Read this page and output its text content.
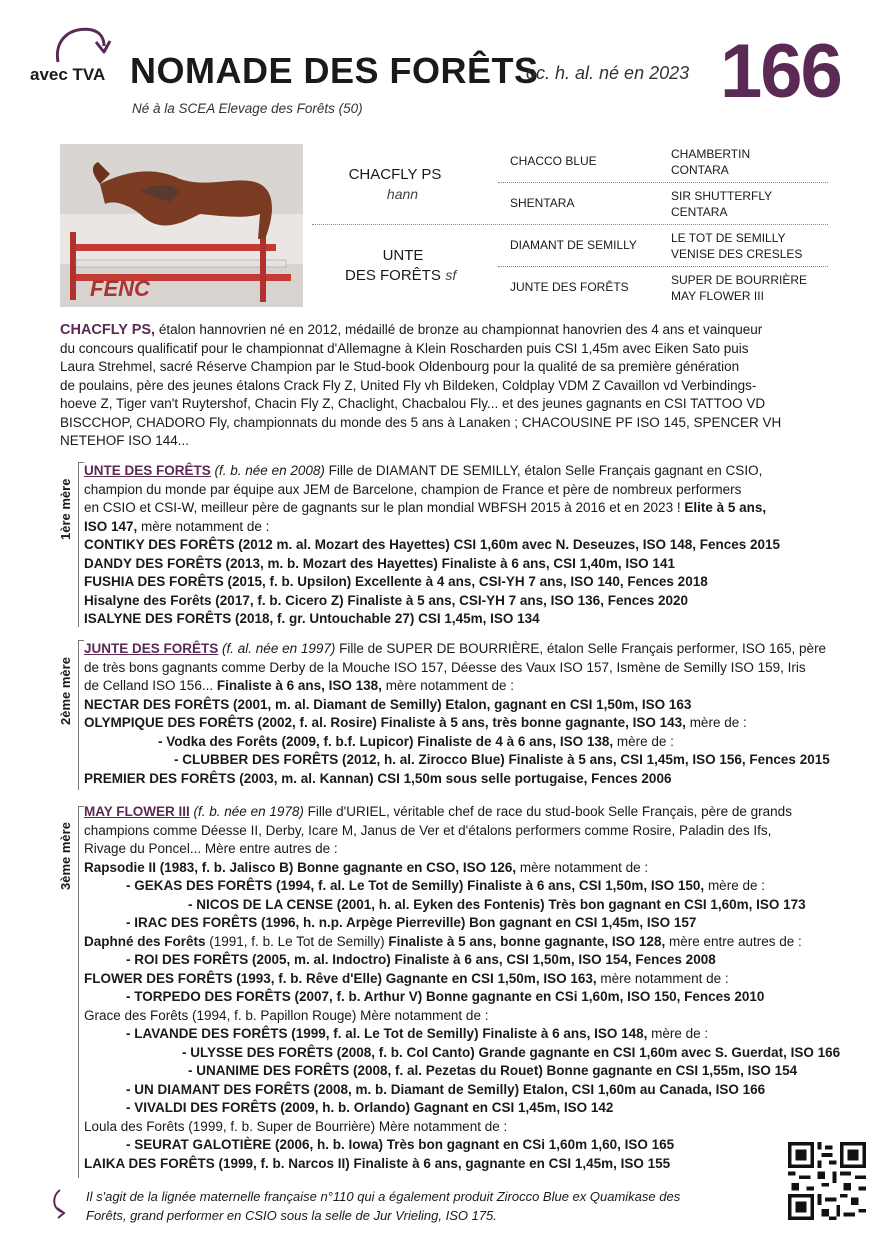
avec TVA NOMADE DES FORÊTS
oc. h. al. né en 2023 166
Né à la SCEA Elevage des Forêts (50)
FENC
CHACFLY PS
hann
UNTE
DES FORÊTS sf
CHACCO BLUE
SHENTARA
DIAMANT DE SEMILLY
JUNTE DES FORÊTS
CHAMBERTIN
CONTARA
SIR SHUTTERFLY
CENTARA
LE TOT DE SEMILLY
VENISE DES CRESLES
SUPER DE BOURRIÈRE
MAY FLOWER III
CHACFLY PS, étalon hannovrien né en 2012, médaillé de bronze au championnat hanovrien des 4 ans et vainqueur
du concours qualificatif pour le championnat d'Allemagne à Klein Roscharden puis CSI 1,45m avec Eiken Sato puis
Laura Strehmel, sacré Réserve Champion par le Stud-book Oldenbourg pour la qualité de sa première génération
de poulains, père des jeunes étalons Crack Fly Z, United Fly vh Bildeken, Coldplay VDM Z Cavaillon vd Verbindings-
hoeve Z, Tiger van't Ruytershof, Chacin Fly Z, Chaclight, Chacbalou Fly... et des jeunes gagnants en CSI TATTOO VD
BISCCHOP, CHADORO Fly, championnats du monde des 5 ans à Lanaken ; CHACOUSINE PF ISO 145, SPENCER VH
NETEHOF ISO 144...
1ère mère
UNTE DES FORÊTS (f. b. née en 2008) Fille de DIAMANT DE SEMILLY, étalon Selle Français gagnant en CSIO,
champion du monde par équipe aux JEM de Barcelone, champion de France et père de nombreux performers
en CSIO et CSI-W, meilleur père de gagnants sur le plan mondial WBFSH 2015 à 2016 et en 2023 ! Elite à 5 ans,
ISO 147, mère notamment de :
CONTIKY DES FORÊTS (2012 m. al. Mozart des Hayettes) CSI 1,60m avec N. Deseuzes, ISO 148, Fences 2015
DANDY DES FORÊTS (2013, m. b. Mozart des Hayettes) Finaliste à 6 ans, CSI 1,40m, ISO 141
FUSHIA DES FORÊTS (2015, f. b. Upsilon) Excellente à 4 ans, CSI-YH 7 ans, ISO 140, Fences 2018
Hisalyne des Forêts (2017, f. b. Cicero Z) Finaliste à 5 ans, CSI-YH 7 ans, ISO 136, Fences 2020
ISALYNE DES FORÊTS (2018, f. gr. Untouchable 27) CSI 1,45m, ISO 134
2ème mère
JUNTE DES FORÊTS (f. al. née en 1997) Fille de SUPER DE BOURRIÈRE, étalon Selle Français performer, ISO 165, père
de très bons gagnants comme Derby de la Mouche ISO 157, Déesse des Vaux ISO 157, Ismène de Semilly ISO 159, Iris
de Celland ISO 156... Finaliste à 6 ans, ISO 138, mère notamment de :
NECTAR DES FORÊTS (2001, m. al. Diamant de Semilly) Etalon, gagnant en CSI 1,50m, ISO 163
OLYMPIQUE DES FORÊTS (2002, f. al. Rosire) Finaliste à 5 ans, très bonne gagnante, ISO 143, mère de :
- Vodka des Forêts (2009, f. b.f. Lupicor) Finaliste de 4 à 6 ans, ISO 138, mère de :
- CLUBBER DES FORÊTS (2012, h. al. Zirocco Blue) Finaliste à 5 ans, CSI 1,45m, ISO 156, Fences 2015
PREMIER DES FORÊTS (2003, m. al. Kannan) CSI 1,50m sous selle portugaise, Fences 2006
3ème mère
MAY FLOWER III (f. b. née en 1978) Fille d'URIEL, véritable chef de race du stud-book Selle Français, père de grands
champions comme Déesse II, Derby, Icare M, Janus de Ver et d'étalons performers comme Rosire, Paladin des Ifs,
Rivage du Poncel... Mère entre autres de :
Rapsodie II (1983, f. b. Jalisco B) Bonne gagnante en CSO, ISO 126, mère notamment de :
- GEKAS DES FORÊTS (1994, f. al. Le Tot de Semilly) Finaliste à 6 ans, CSI 1,50m, ISO 150, mère de :
- NICOS DE LA CENSE (2001, h. al. Eyken des Fontenis) Très bon gagnant en CSI 1,60m, ISO 173
- IRAC DES FORÊTS (1996, h. n.p. Arpège Pierreville) Bon gagnant en CSI 1,45m, ISO 157
Daphné des Forêts (1991, f. b. Le Tot de Semilly) Finaliste à 5 ans, bonne gagnante, ISO 128, mère entre autres de :
- ROI DES FORÊTS (2005, m. al. Indoctro) Finaliste à 6 ans, CSI 1,50m, ISO 154, Fences 2008
FLOWER DES FORÊTS (1993, f. b. Rêve d'Elle) Gagnante en CSI 1,50m, ISO 163, mère notamment de :
- TORPEDO DES FORÊTS (2007, f. b. Arthur V) Bonne gagnante en CSi 1,60m, ISO 150, Fences 2010
Grace des Forêts (1994, f. b. Papillon Rouge) Mère notamment de :
- LAVANDE DES FORÊTS (1999, f. al. Le Tot de Semilly) Finaliste à 6 ans, ISO 148, mère de :
- ULYSSE DES FORÊTS (2008, f. b. Col Canto) Grande gagnante en CSI 1,60m avec S. Guerdat, ISO 166
- UNANIME DES FORÊTS (2008, f. al. Pezetas du Rouet) Bonne gagnante en CSI 1,55m, ISO 154
- UN DIAMANT DES FORÊTS (2008, m. b. Diamant de Semilly) Etalon, CSI 1,60m au Canada, ISO 166
- VIVALDI DES FORÊTS (2009, h. b. Orlando) Gagnant en CSI 1,45m, ISO 142
Loula des Forêts (1999, f. b. Super de Bourrière) Mère notamment de :
- SEURAT GALOTIÈRE (2006, h. b. Iowa) Très bon gagnant en CSi 1,60m 1,60, ISO 165
LAIKA DES FORÊTS (1999, f. b. Narcos II) Finaliste à 6 ans, gagnante en CSI 1,45m, ISO 155
Il s'agit de la lignée maternelle française n°110 qui a également produit Zirocco Blue ex Quamikase des
Forêts, grand performer en CSIO sous la selle de Jur Vrieling, ISO 175.
